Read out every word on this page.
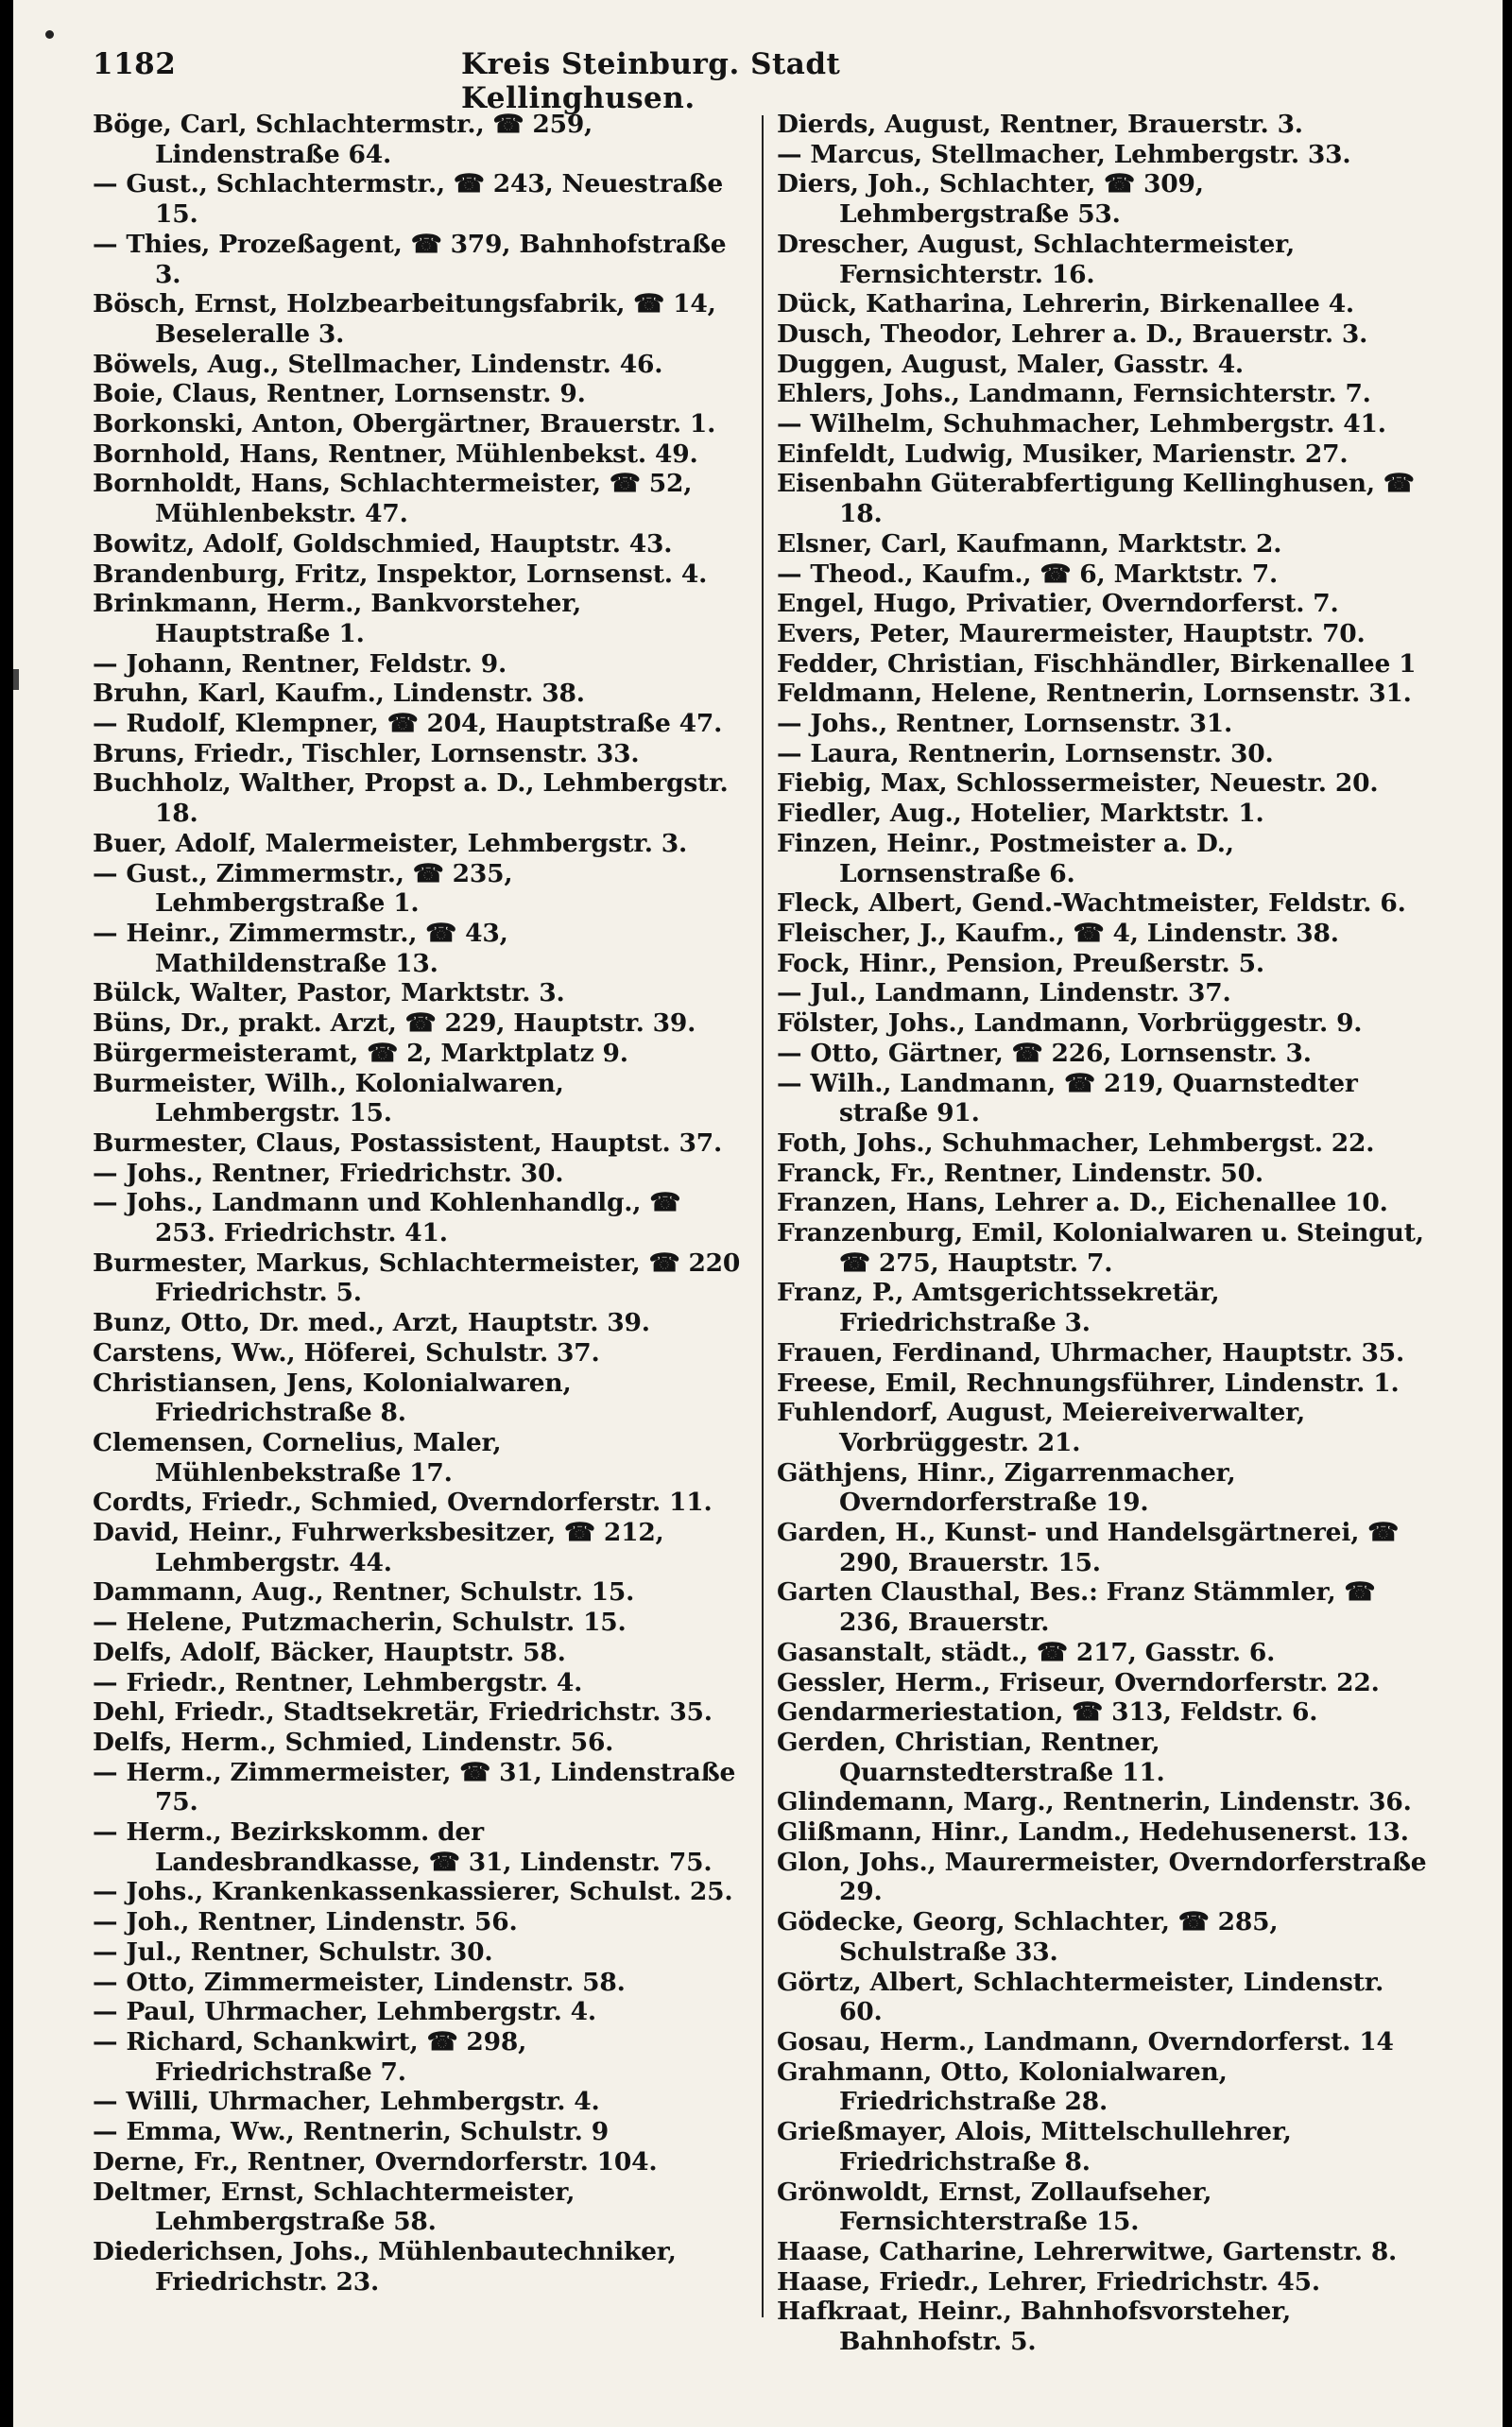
1182	Kreis Steinburg. Stadt Kellinghusen.

Böge, Carl, Schlachtermstr., ☎ 259, Lindenstraße 64.

— Gust., Schlachtermstr., ☎ 243, Neuestraße 15.

— Thies, Prozeßagent, ☎ 379, Bahnhofstraße 3.

Bösch, Ernst, Holzbearbeitungsfabrik, ☎ 14, Beseleralle 3.

Böwels, Aug., Stellmacher, Lindenstr. 46.

Boie, Claus, Rentner, Lornsenstr. 9.

Borkonski, Anton, Obergärtner, Brauerstr. 1.

Bornhold, Hans, Rentner, Mühlenbekst. 49.

Bornholdt, Hans, Schlachtermeister, ☎ 52, Mühlenbekstr. 47.

Bowitz, Adolf, Goldschmied, Hauptstr. 43.

Brandenburg, Fritz, Inspektor, Lornsenst. 4.

Brinkmann, Herm., Bankvorsteher, Hauptstraße 1.

— Johann, Rentner, Feldstr. 9.

Bruhn, Karl, Kaufm., Lindenstr. 38.

— Rudolf, Klempner, ☎ 204, Hauptstraße 47.

Bruns, Friedr., Tischler, Lornsenstr. 33.

Buchholz, Walther, Propst a. D., Lehmbergstr. 18.

Buer, Adolf, Malermeister, Lehmbergstr. 3.

— Gust., Zimmermstr., ☎ 235, Lehmbergstraße 1.

— Heinr., Zimmermstr., ☎ 43, Mathildenstraße 13.

Bülck, Walter, Pastor, Marktstr. 3.

Büns, Dr., prakt. Arzt, ☎ 229, Hauptstr. 39.

Bürgermeisteramt, ☎ 2, Marktplatz 9.

Burmeister, Wilh., Kolonialwaren, Lehmbergstr. 15.

Burmester, Claus, Postassistent, Hauptst. 37.

— Johs., Rentner, Friedrichstr. 30.

— Johs., Landmann und Kohlenhandlg., ☎ 253. Friedrichstr. 41.

Burmester, Markus, Schlachtermeister, ☎ 220 Friedrichstr. 5.

Bunz, Otto, Dr. med., Arzt, Hauptstr. 39.

Carstens, Ww., Höferei, Schulstr. 37.

Christiansen, Jens, Kolonialwaren, Friedrichstraße 8.

Clemensen, Cornelius, Maler, Mühlenbekstraße 17.

Cordts, Friedr., Schmied, Overndorferstr. 11.

David, Heinr., Fuhrwerksbesitzer, ☎ 212, Lehmbergstr. 44.

Dammann, Aug., Rentner, Schulstr. 15.

— Helene, Putzmacherin, Schulstr. 15.

Delfs, Adolf, Bäcker, Hauptstr. 58.

— Friedr., Rentner, Lehmbergstr. 4.

Dehl, Friedr., Stadtsekretär, Friedrichstr. 35.

Delfs, Herm., Schmied, Lindenstr. 56.

— Herm., Zimmermeister, ☎ 31, Lindenstraße 75.

— Herm., Bezirkskomm. der Landesbrandkasse, ☎ 31, Lindenstr. 75.

— Johs., Krankenkassenkassierer, Schulst. 25.

— Joh., Rentner, Lindenstr. 56.

— Jul., Rentner, Schulstr. 30.

— Otto, Zimmermeister, Lindenstr. 58.

— Paul, Uhrmacher, Lehmbergstr. 4.

— Richard, Schankwirt, ☎ 298, Friedrichstraße 7.

— Willi, Uhrmacher, Lehmbergstr. 4.

— Emma, Ww., Rentnerin, Schulstr. 9

Derne, Fr., Rentner, Overndorferstr. 104.

Deltmer, Ernst, Schlachtermeister, Lehmbergstraße 58.

Diederichsen, Johs., Mühlenbautechniker, Friedrichstr. 23.

Dierds, August, Rentner, Brauerstr. 3.

— Marcus, Stellmacher, Lehmbergstr. 33.

Diers, Joh., Schlachter, ☎ 309, Lehmbergstraße 53.

Drescher, August, Schlachtermeister, Fernsichterstr. 16.

Dück, Katharina, Lehrerin, Birkenallee 4.

Dusch, Theodor, Lehrer a. D., Brauerstr. 3.

Duggen, August, Maler, Gasstr. 4.

Ehlers, Johs., Landmann, Fernsichterstr. 7.

— Wilhelm, Schuhmacher, Lehmbergstr. 41.

Einfeldt, Ludwig, Musiker, Marienstr. 27.

Eisenbahn Güterabfertigung Kellinghusen, ☎ 18.

Elsner, Carl, Kaufmann, Marktstr. 2.

— Theod., Kaufm., ☎ 6, Marktstr. 7.

Engel, Hugo, Privatier, Overndorferst. 7.

Evers, Peter, Maurermeister, Hauptstr. 70.

Fedder, Christian, Fischhändler, Birkenallee 1

Feldmann, Helene, Rentnerin, Lornsenstr. 31.

— Johs., Rentner, Lornsenstr. 31.

— Laura, Rentnerin, Lornsenstr. 30.

Fiebig, Max, Schlossermeister, Neuestr. 20.

Fiedler, Aug., Hotelier, Marktstr. 1.

Finzen, Heinr., Postmeister a. D., Lornsenstraße 6.

Fleck, Albert, Gend.-Wachtmeister, Feldstr. 6.

Fleischer, J., Kaufm., ☎ 4, Lindenstr. 38.

Fock, Hinr., Pension, Preußerstr. 5.

— Jul., Landmann, Lindenstr. 37.

Fölster, Johs., Landmann, Vorbrüggestr. 9.

— Otto, Gärtner, ☎ 226, Lornsenstr. 3.

— Wilh., Landmann, ☎ 219, Quarnstedter straße 91.

Foth, Johs., Schuhmacher, Lehmbergst. 22.

Franck, Fr., Rentner, Lindenstr. 50.

Franzen, Hans, Lehrer a. D., Eichenallee 10.

Franzenburg, Emil, Kolonialwaren u. Steingut, ☎ 275, Hauptstr. 7.

Franz, P., Amtsgerichtssekretär, Friedrichstraße 3.

Frauen, Ferdinand, Uhrmacher, Hauptstr. 35.

Freese, Emil, Rechnungsführer, Lindenstr. 1.

Fuhlendorf, August, Meiereiverwalter, Vorbrüggestr. 21.

Gäthjens, Hinr., Zigarrenmacher, Overndorferstraße 19.

Garden, H., Kunst- und Handelsgärtnerei, ☎ 290, Brauerstr. 15.

Garten Clausthal, Bes.: Franz Stämmler, ☎ 236, Brauerstr.

Gasanstalt, städt., ☎ 217, Gasstr. 6.

Gessler, Herm., Friseur, Overndorferstr. 22.

Gendarmeriestation, ☎ 313, Feldstr. 6.

Gerden, Christian, Rentner, Quarnstedterstraße 11.

Glindemann, Marg., Rentnerin, Lindenstr. 36.

Glißmann, Hinr., Landm., Hedehusenerst. 13.

Glon, Johs., Maurermeister, Overndorferstraße 29.

Gödecke, Georg, Schlachter, ☎ 285, Schulstraße 33.

Görtz, Albert, Schlachtermeister, Lindenstr. 60.

Gosau, Herm., Landmann, Overndorferst. 14

Grahmann, Otto, Kolonialwaren, Friedrichstraße 28.

Grießmayer, Alois, Mittelschullehrer, Friedrichstraße 8.

Grönwoldt, Ernst, Zollaufseher, Fernsichterstraße 15.

Haase, Catharine, Lehrerwitwe, Gartenstr. 8.

Haase, Friedr., Lehrer, Friedrichstr. 45.

Hafkraat, Heinr., Bahnhofsvorsteher, Bahnhofstr. 5.
